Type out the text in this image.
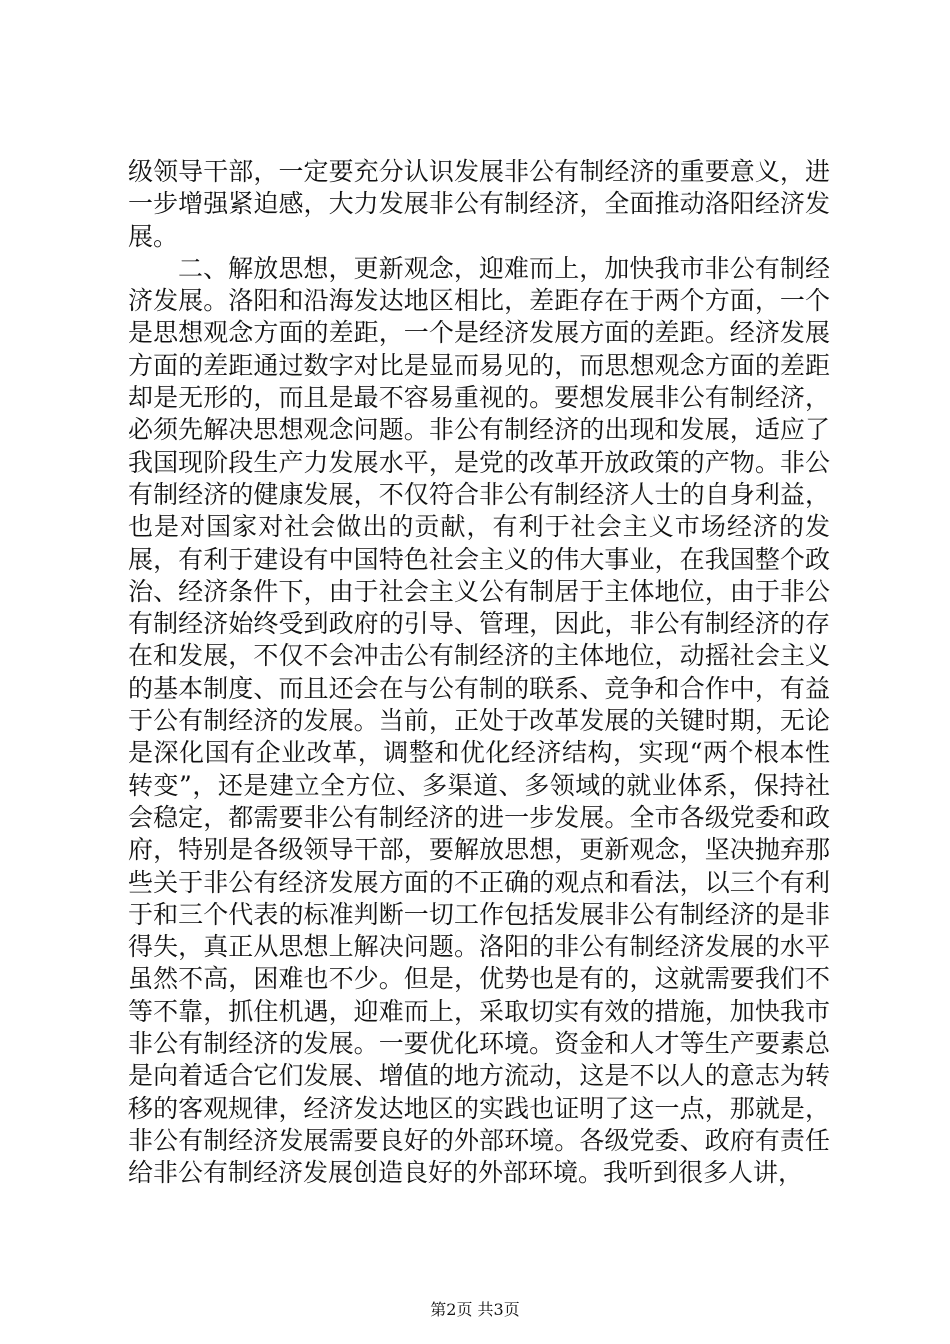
级领导干部，一定要充分认识发展非公有制经济的重要意义，进一步增强紧迫感，大力发展非公有制经济，全面推动洛阳经济发展。

二、解放思想，更新观念，迎难而上，加快我市非公有制经济发展。洛阳和沿海发达地区相比，差距存在于两个方面，一个是思想观念方面的差距，一个是经济发展方面的差距。经济发展方面的差距通过数字对比是显而易见的，而思想观念方面的差距却是无形的，而且是最不容易重视的。要想发展非公有制经济，必须先解决思想观念问题。非公有制经济的出现和发展，适应了我国现阶段生产力发展水平，是党的改革开放政策的产物。非公有制经济的健康发展，不仅符合非公有制经济人士的自身利益，也是对国家对社会做出的贡献，有利于社会主义市场经济的发展，有利于建设有中国特色社会主义的伟大事业，在我国整个政治、经济条件下，由于社会主义公有制居于主体地位，由于非公有制经济始终受到政府的引导、管理，因此，非公有制经济的存在和发展，不仅不会冲击公有制经济的主体地位，动摇社会主义的基本制度、而且还会在与公有制的联系、竞争和合作中，有益于公有制经济的发展。当前，正处于改革发展的关键时期，无论是深化国有企业改革，调整和优化经济结构，实现“两个根本性转变”，还是建立全方位、多渠道、多领域的就业体系，保持社会稳定，都需要非公有制经济的进一步发展。全市各级党委和政府，特别是各级领导干部，要解放思想，更新观念，坚决抛弃那些关于非公有经济发展方面的不正确的观点和看法，以三个有利于和三个代表的标准判断一切工作包括发展非公有制经济的是非得失，真正从思想上解决问题。洛阳的非公有制经济发展的水平虽然不高，困难也不少。但是，优势也是有的，这就需要我们不等不靠，抓住机遇，迎难而上，采取切实有效的措施，加快我市非公有制经济的发展。一要优化环境。资金和人才等生产要素总是向着适合它们发展、增值的地方流动，这是不以人的意志为转移的客观规律，经济发达地区的实践也证明了这一点，那就是，非公有制经济发展需要良好的外部环境。各级党委、政府有责任给非公有制经济发展创造良好的外部环境。我听到很多人讲，

第2页 共3页
